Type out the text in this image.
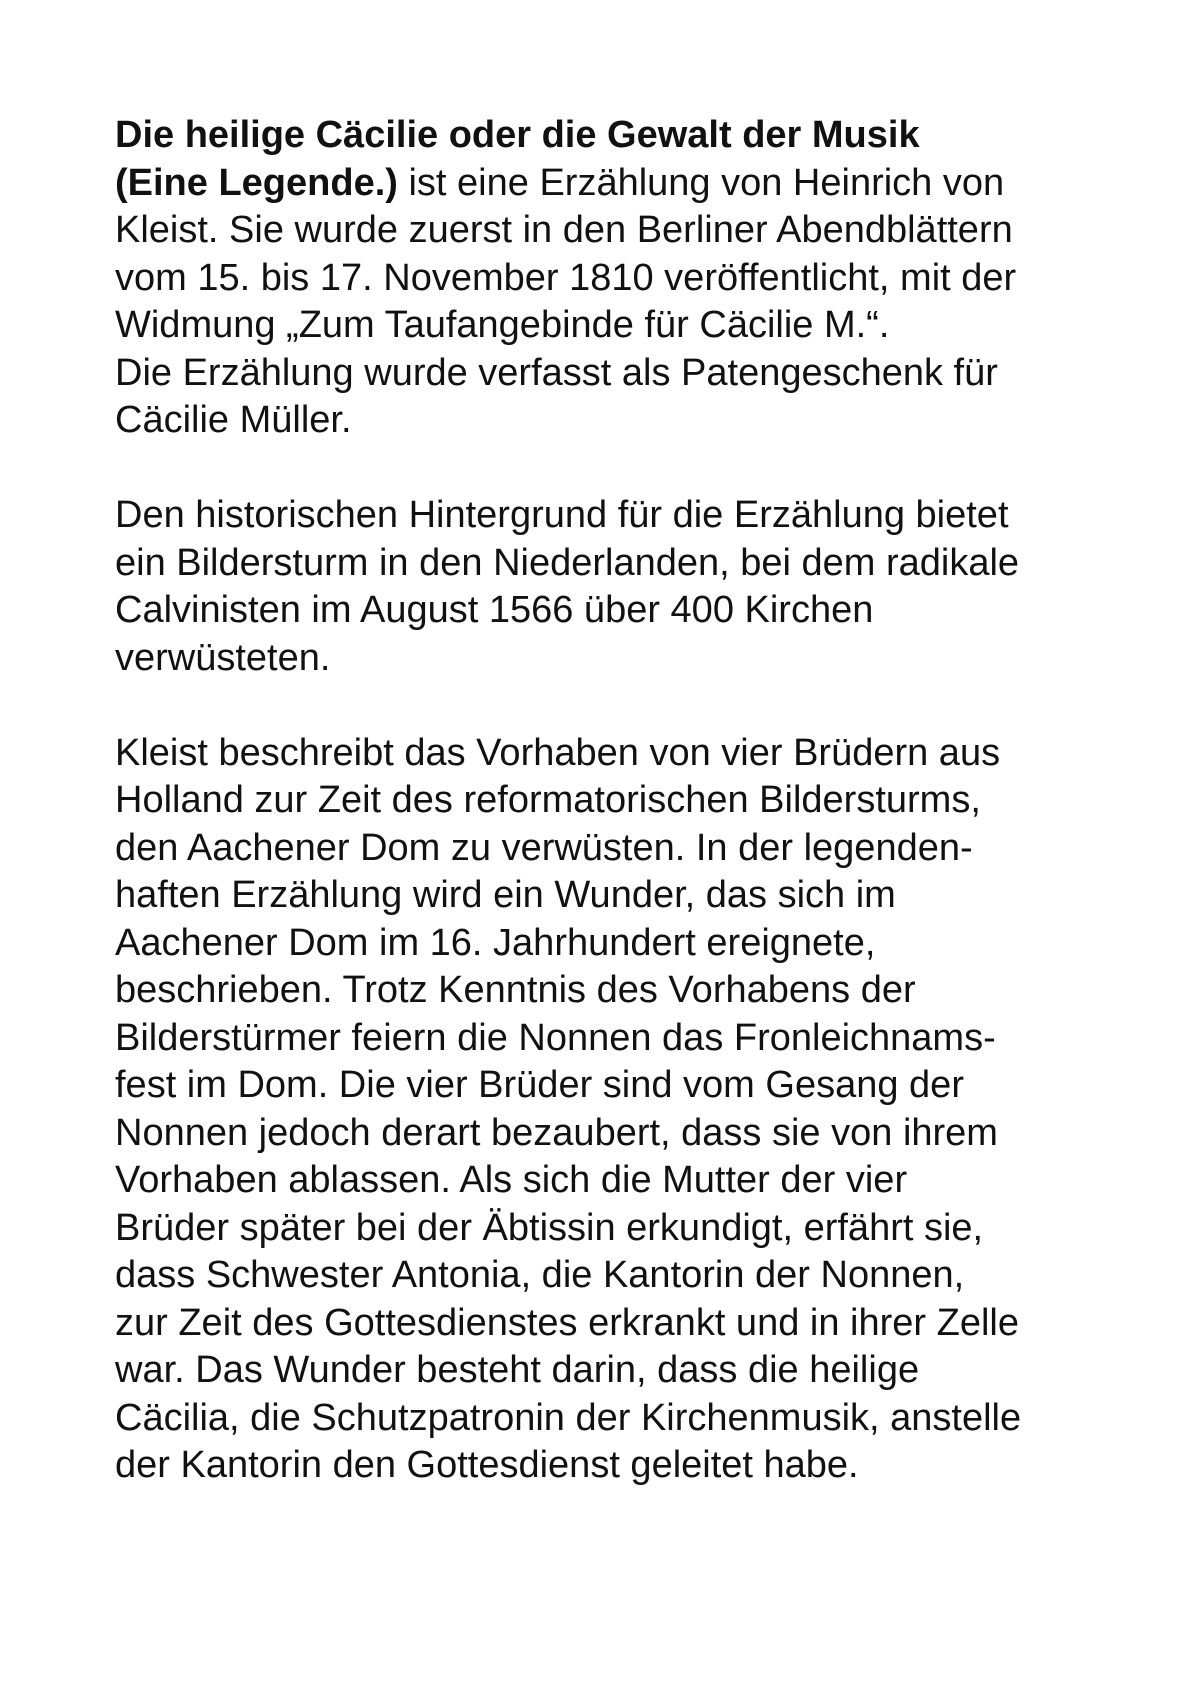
Die heilige Cäcilie oder die Gewalt der Musik
(Eine Legende.) ist eine Erzählung von Heinrich von
Kleist. Sie wurde zuerst in den Berliner Abendblättern
vom 15. bis 17. November 1810 veröffentlicht, mit der
Widmung „Zum Taufangebinde für Cäcilie M.“.
Die Erzählung wurde verfasst als Patengeschenk für
Cäcilie Müller.
Den historischen Hintergrund für die Erzählung bietet
ein Bildersturm in den Niederlanden, bei dem radikale
Calvinisten im August 1566 über 400 Kirchen
verwüsteten.
Kleist beschreibt das Vorhaben von vier Brüdern aus
Holland zur Zeit des reformatorischen Bildersturms,
den Aachener Dom zu verwüsten. In der legenden-
haften Erzählung wird ein Wunder, das sich im
Aachener Dom im 16. Jahrhundert ereignete,
beschrieben. Trotz Kenntnis des Vorhabens der
Bilderstürmer feiern die Nonnen das Fronleichnams-
fest im Dom. Die vier Brüder sind vom Gesang der
Nonnen jedoch derart bezaubert, dass sie von ihrem
Vorhaben ablassen. Als sich die Mutter der vier
Brüder später bei der Äbtissin erkundigt, erfährt sie,
dass Schwester Antonia, die Kantorin der Nonnen,
zur Zeit des Gottesdienstes erkrankt und in ihrer Zelle
war. Das Wunder besteht darin, dass die heilige
Cäcilia, die Schutzpatronin der Kirchenmusik, anstelle
der Kantorin den Gottesdienst geleitet habe.
